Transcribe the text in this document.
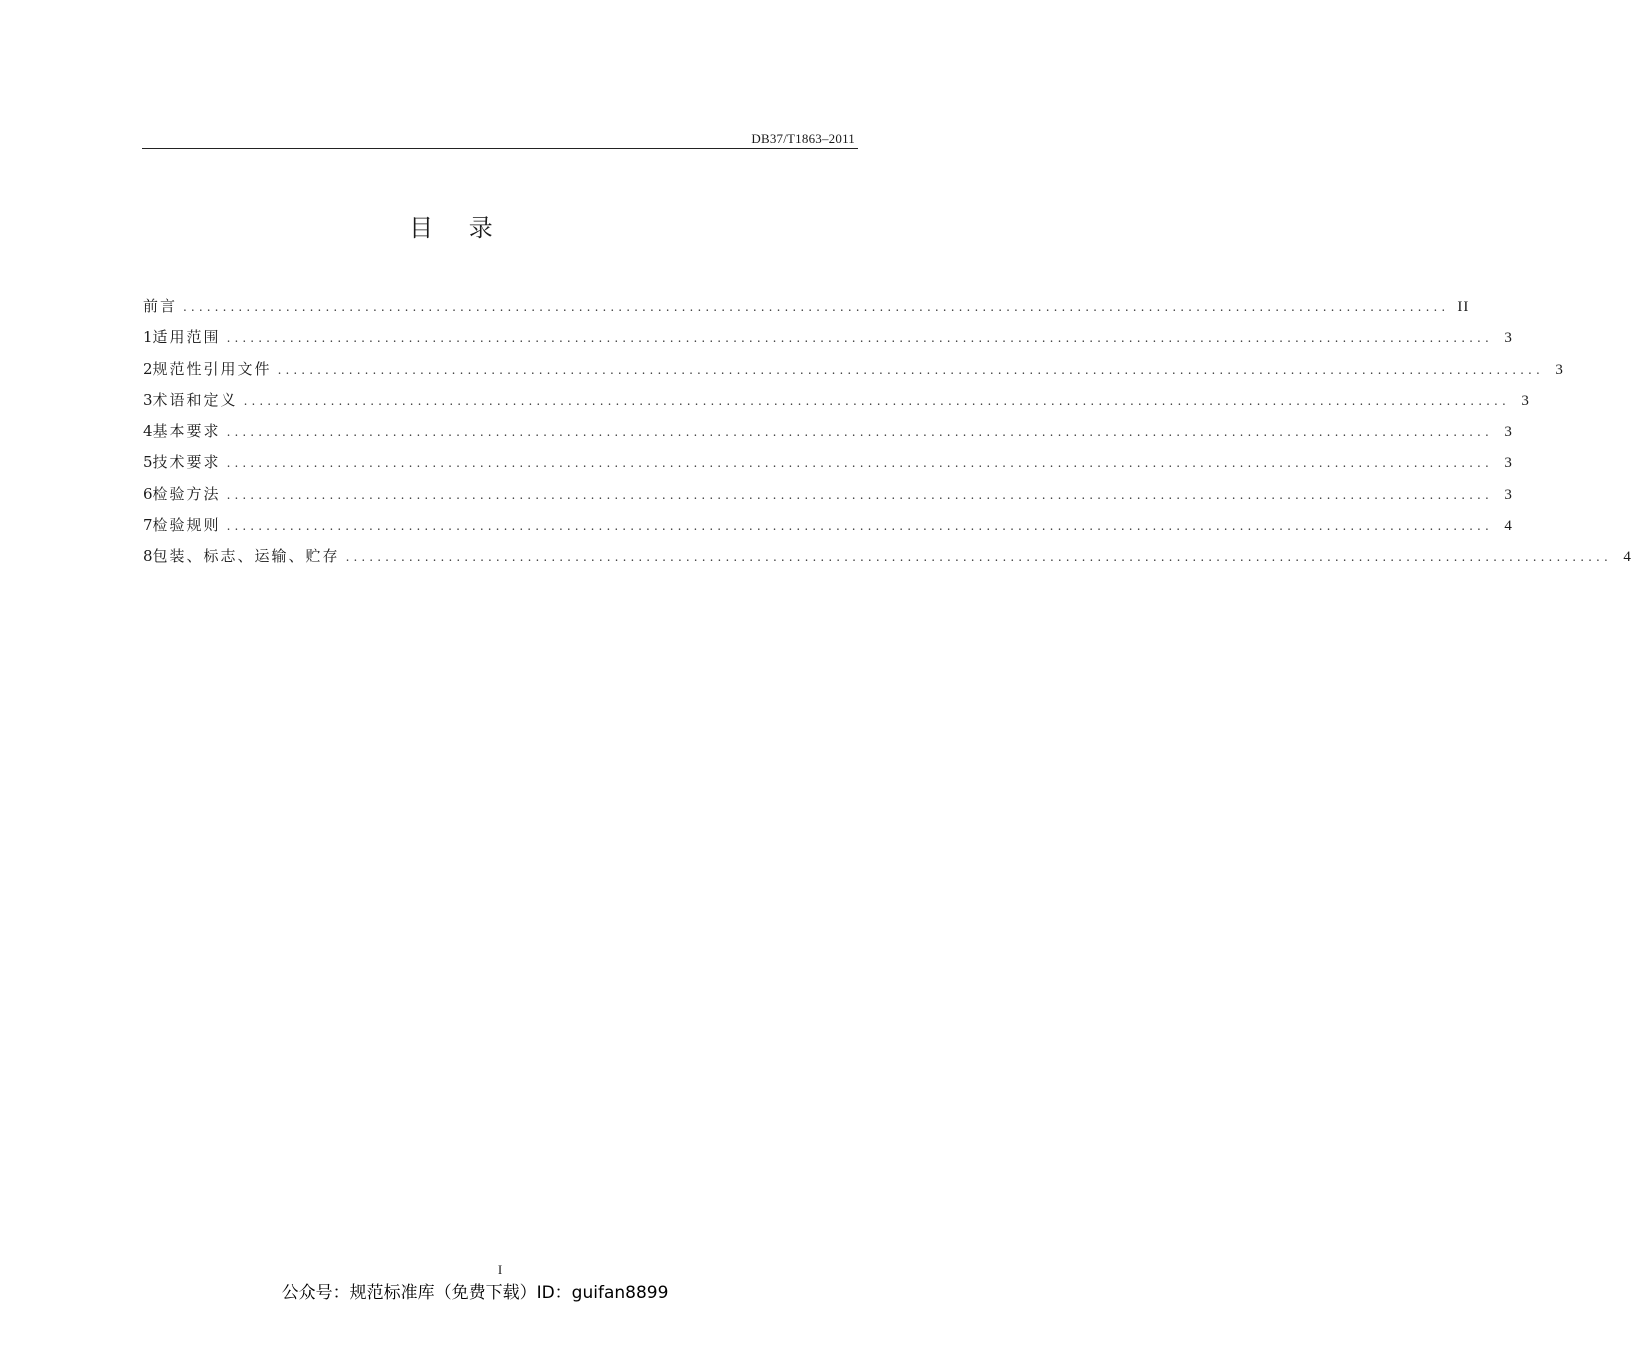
DB37/T1863–2011
目 录
前言 ................................................................................................................................................................ II
1 适用范围 ................................................................................................................................................................ 3
2 规范性引用文件 ................................................................................................................................................................ 3
3 术语和定义 ................................................................................................................................................................ 3
4 基本要求 ................................................................................................................................................................ 3
5 技术要求 ................................................................................................................................................................ 3
6 检验方法 ................................................................................................................................................................ 3
7 检验规则 ................................................................................................................................................................ 4
8 包装、标志、运输、贮存 ................................................................................................................................................................ 4
I
公众号：规范标准库（免费下载）ID：guifan8899
